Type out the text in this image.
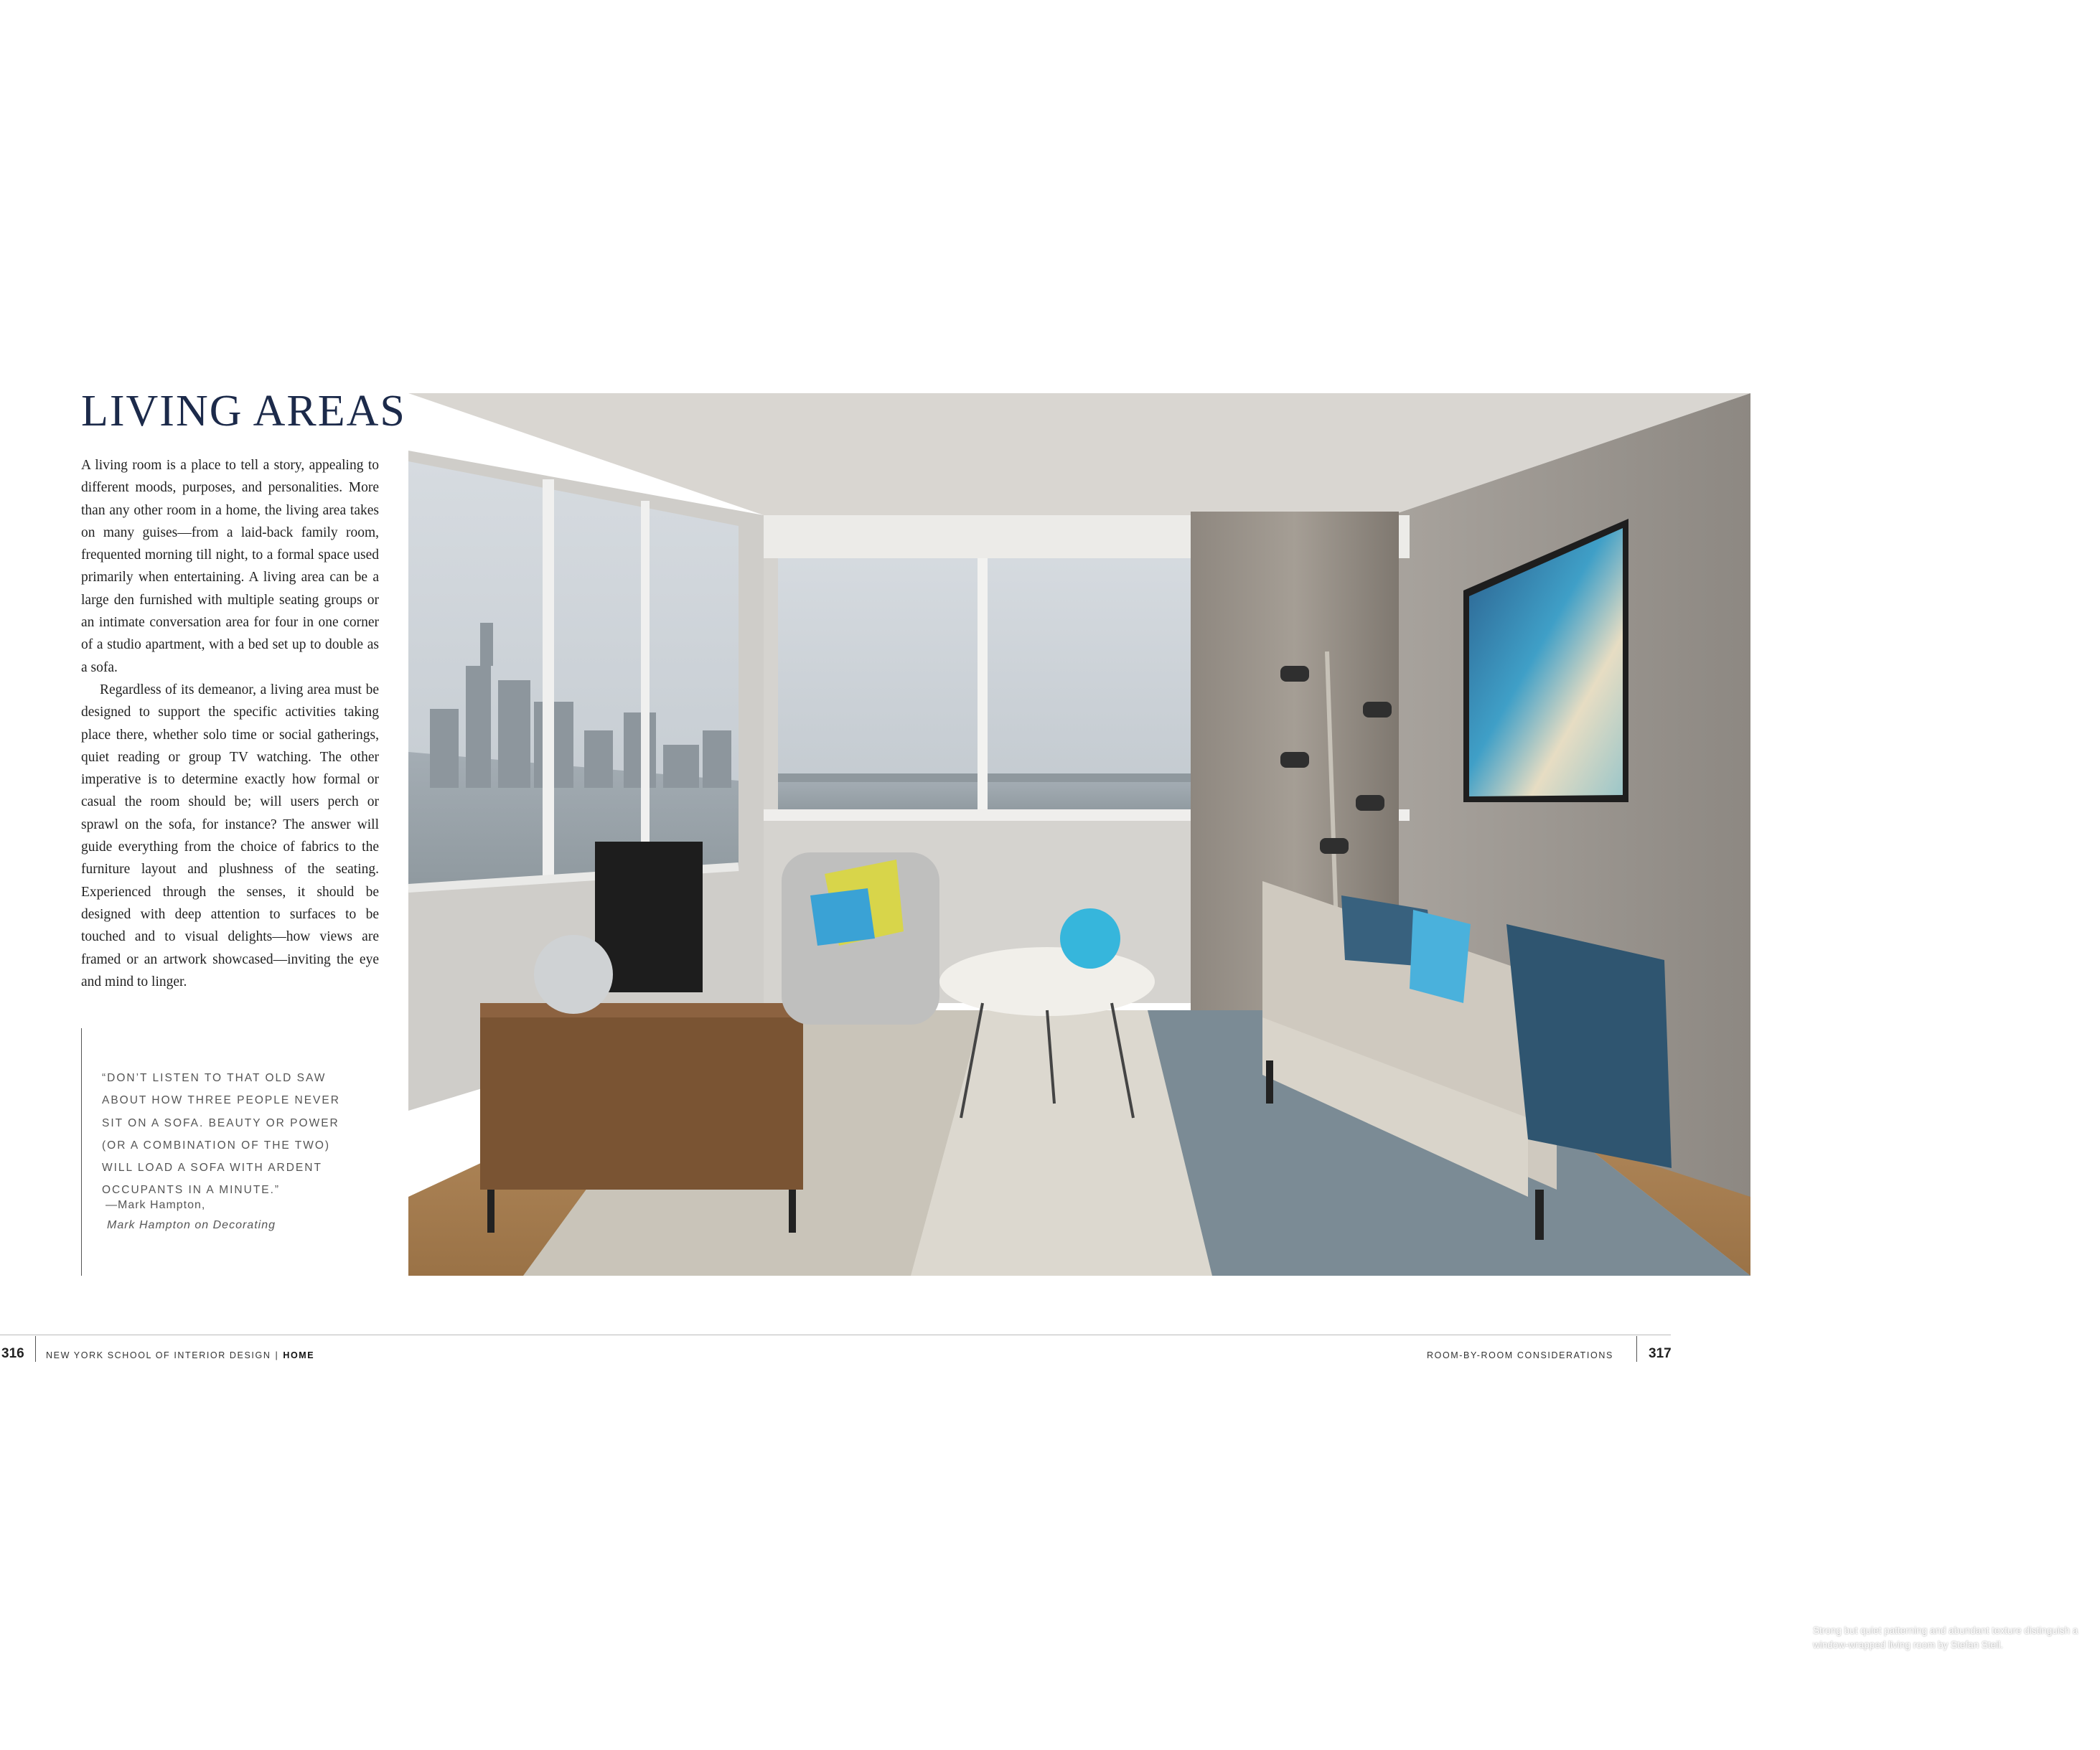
LIVING AREAS

A living room is a place to tell a story, appealing to different moods, purposes, and personalities. More than any other room in a home, the living area takes on many guises—from a laid-back family room, frequented morning till night, to a formal space used primarily when entertaining. A living area can be a large den furnished with multiple seating groups or an intimate conversation area for four in one corner of a studio apartment, with a bed set up to double as a sofa.

Regardless of its demeanor, a living area must be designed to support the specific activities taking place there, whether solo time or social gatherings, quiet reading or group TV watching. The other imperative is to determine exactly how formal or casual the room should be; will users perch or sprawl on the sofa, for instance? The answer will guide everything from the choice of fabrics to the furniture layout and plushness of the seating. Experienced through the senses, it should be designed with deep attention to surfaces to be touched and to visual delights—how views are framed or an artwork showcased—inviting the eye and mind to linger.

“DON’T LISTEN TO THAT OLD SAW ABOUT HOW THREE PEOPLE NEVER SIT ON A SOFA. BEAUTY OR POWER (OR A COMBINATION OF THE TWO) WILL LOAD A SOFA WITH ARDENT OCCUPANTS IN A MINUTE.”

—Mark Hampton,

Mark Hampton on Decorating

Strong but quiet patterning and abundant texture distinguish a window-wrapped living room by Stefan Steil.

316 NEW YORK SCHOOL OF INTERIOR DESIGN | HOME	ROOM-BY-ROOM CONSIDERATIONS	317
